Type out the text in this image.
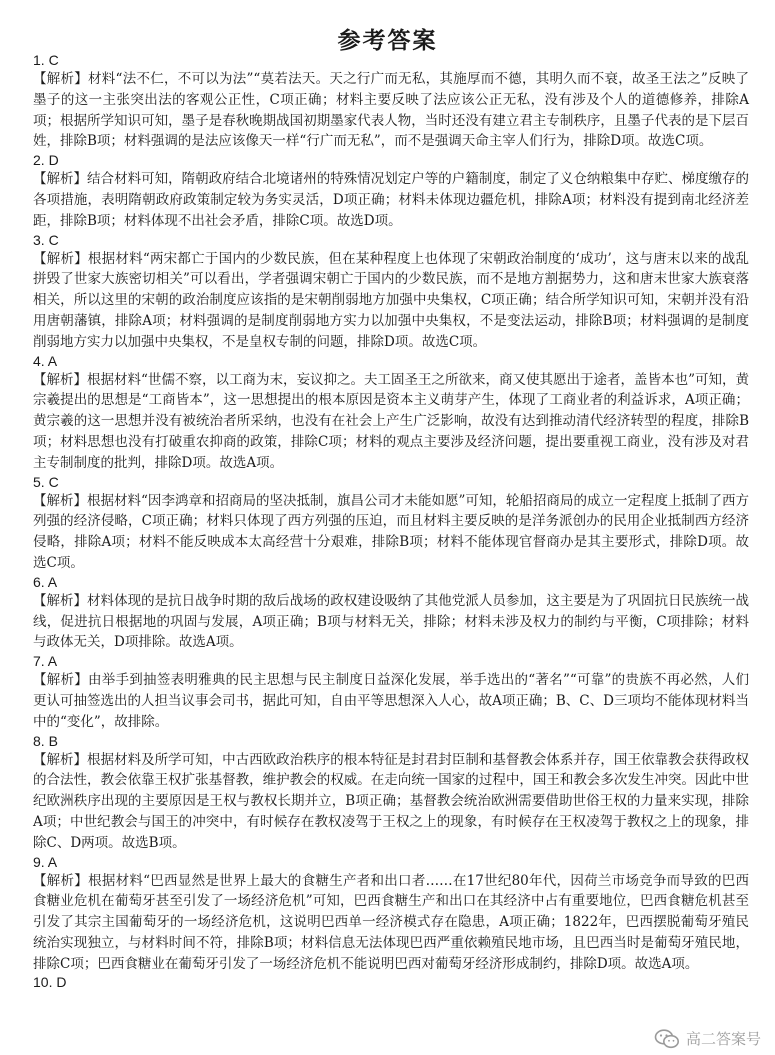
参考答案
1. C
【解析】材料“法不仁，不可以为法”“莫若法天。天之行广而无私，其施厚而不德，其明久而不衰，故圣王法之”反映了墨子的这一主张突出法的客观公正性，C项正确；材料主要反映了法应该公正无私，没有涉及个人的道德修养，排除A项；根据所学知识可知，墨子是春秋晚期战国初期墨家代表人物，当时还没有建立君主专制秩序，且墨子代表的是下层百姓，排除B项；材料强调的是法应该像天一样“行广而无私”，而不是强调天命主宰人们行为，排除D项。故选C项。
2. D
【解析】结合材料可知，隋朝政府结合北境诸州的特殊情况划定户等的户籍制度，制定了义仓纳粮集中存贮、梯度缴存的各项措施，表明隋朝政府政策制定较为务实灵活，D项正确；材料未体现边疆危机，排除A项；材料没有提到南北经济差距，排除B项；材料体现不出社会矛盾，排除C项。故选D项。
3. C
【解析】根据材料“两宋都亡于国内的少数民族，但在某种程度上也体现了宋朝政治制度的‘成功’，这与唐末以来的战乱拼毁了世家大族密切相关”可以看出，学者强调宋朝亡于国内的少数民族，而不是地方割据势力，这和唐末世家大族衰落相关，所以这里的宋朝的政治制度应该指的是宋朝削弱地方加强中央集权，C项正确；结合所学知识可知，宋朝并没有沿用唐朝藩镇，排除A项；材料强调的是制度削弱地方实力以加强中央集权，不是变法运动，排除B项；材料强调的是制度削弱地方实力以加强中央集权，不是皇权专制的问题，排除D项。故选C项。
4. A
【解析】根据材料“世儒不察，以工商为末，妄议抑之。夫工固圣王之所欲来，商又使其愿出于途者，盖皆本也”可知，黄宗羲提出的思想是“工商皆本”，这一思想提出的根本原因是资本主义萌芽产生，体现了工商业者的利益诉求，A项正确；黄宗羲的这一思想并没有被统治者所采纳，也没有在社会上产生广泛影响，故没有达到推动清代经济转型的程度，排除B项；材料思想也没有打破重农抑商的政策，排除C项；材料的观点主要涉及经济问题，提出要重视工商业，没有涉及对君主专制制度的批判，排除D项。故选A项。
5. C
【解析】根据材料“因李鸿章和招商局的坚决抵制，旗昌公司才未能如愿”可知，轮船招商局的成立一定程度上抵制了西方列强的经济侵略，C项正确；材料只体现了西方列强的压迫，而且材料主要反映的是洋务派创办的民用企业抵制西方经济侵略，排除A项；材料不能反映成本太高经营十分艰难，排除B项；材料不能体现官督商办是其主要形式，排除D项。故选C项。
6. A
【解析】材料体现的是抗日战争时期的敌后战场的政权建设吸纳了其他党派人员参加，这主要是为了巩固抗日民族统一战线，促进抗日根据地的巩固与发展，A项正确；B项与材料无关，排除；材料未涉及权力的制约与平衡，C项排除；材料与政体无关，D项排除。故选A项。
7. A
【解析】由举手到抽签表明雅典的民主思想与民主制度日益深化发展，举手选出的“著名”“可靠”的贵族不再必然，人们更认可抽签选出的人担当议事会司书，据此可知，自由平等思想深入人心，故A项正确；B、C、D三项均不能体现材料当中的“变化”，故排除。
8. B
【解析】根据材料及所学可知，中古西欧政治秩序的根本特征是封君封臣制和基督教会体系并存，国王依靠教会获得政权的合法性，教会依靠王权扩张基督教，维护教会的权威。在走向统一国家的过程中，国王和教会多次发生冲突。因此中世纪欧洲秩序出现的主要原因是王权与教权长期并立，B项正确；基督教会统治欧洲需要借助世俗王权的力量来实现，排除A项；中世纪教会与国王的冲突中，有时候存在教权凌驾于王权之上的现象，有时候存在王权凌驾于教权之上的现象，排除C、D两项。故选B项。
9. A
【解析】根据材料“巴西显然是世界上最大的食糖生产者和出口者……在17世纪80年代，因荷兰市场竞争而导致的巴西食糖业危机在葡萄牙甚至引发了一场经济危机”可知，巴西食糖生产和出口在其经济中占有重要地位，巴西食糖危机甚至引发了其宗主国葡萄牙的一场经济危机，这说明巴西单一经济模式存在隐患，A项正确；1822年，巴西摆脱葡萄牙殖民统治实现独立，与材料时间不符，排除B项；材料信息无法体现巴西严重依赖殖民地市场，且巴西当时是葡萄牙殖民地，排除C项；巴西食糖业在葡萄牙引发了一场经济危机不能说明巴西对葡萄牙经济形成制约，排除D项。故选A项。
10. D
高二答案号
